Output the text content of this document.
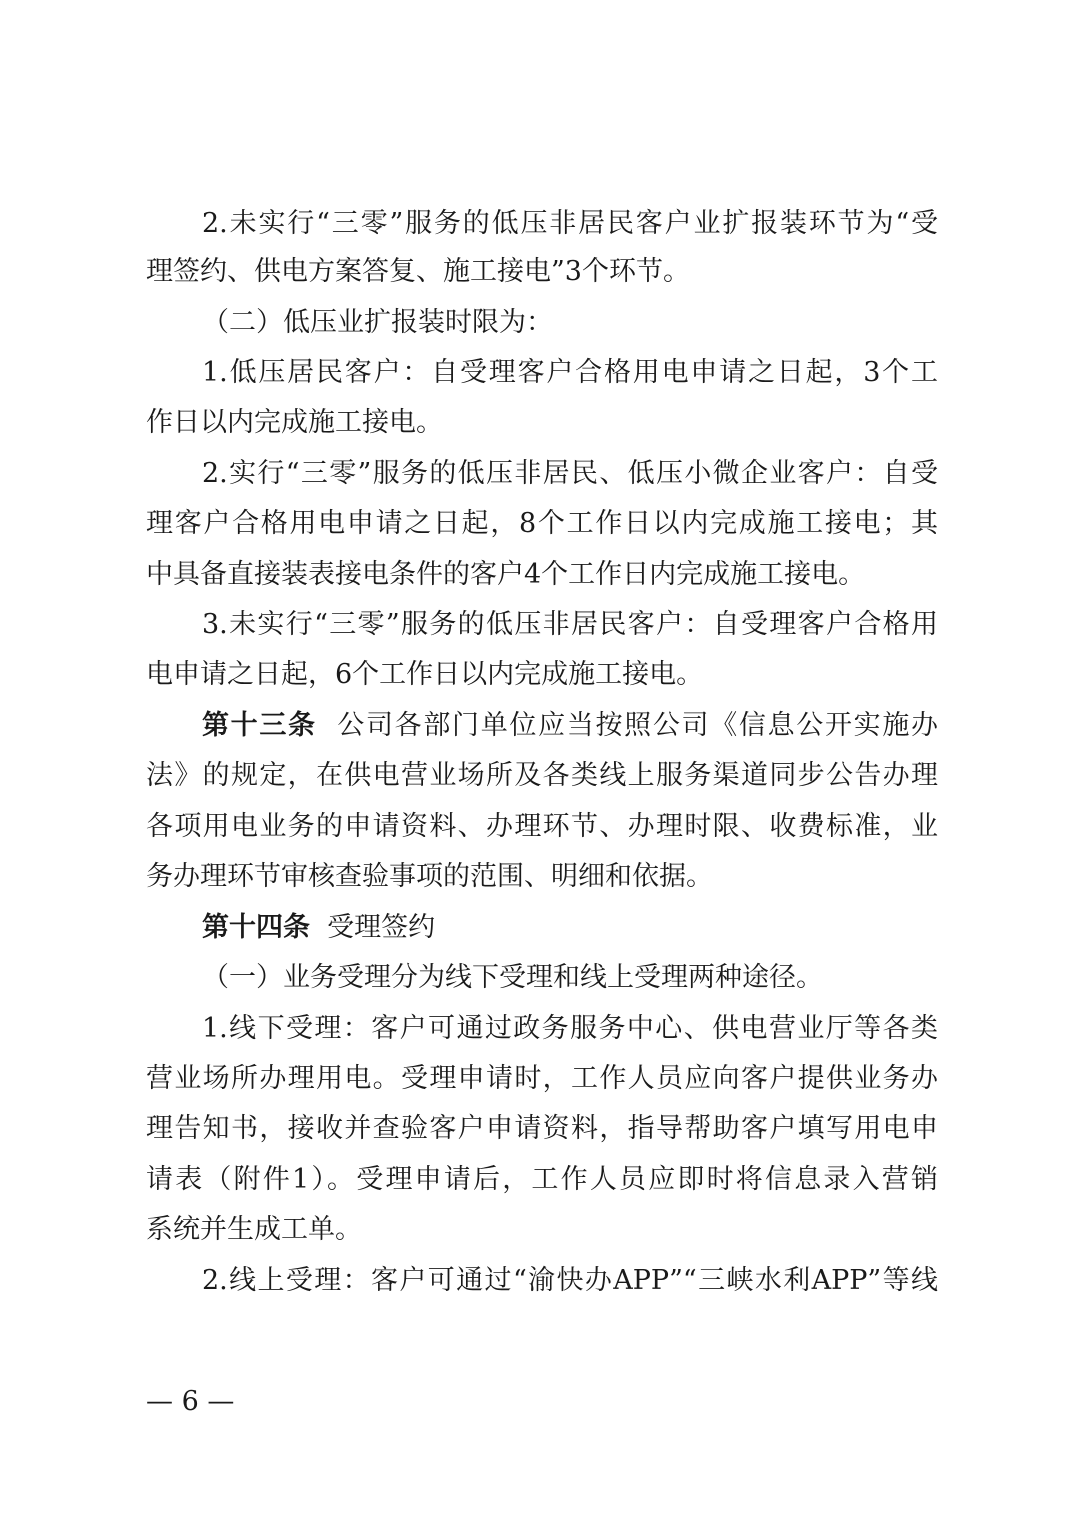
2.未实行“三零”服务的低压非居民客户业扩报装环节为“受
理签约、供电方案答复、施工接电”3个环节。
（二）低压业扩报装时限为：
1.低压居民客户：自受理客户合格用电申请之日起，3个工
作日以内完成施工接电。
2.实行“三零”服务的低压非居民、低压小微企业客户：自受
理客户合格用电申请之日起，8个工作日以内完成施工接电；其
中具备直接装表接电条件的客户4个工作日内完成施工接电。
3.未实行“三零”服务的低压非居民客户：自受理客户合格用
电申请之日起，6个工作日以内完成施工接电。
第十三条 公司各部门单位应当按照公司《信息公开实施办
法》的规定，在供电营业场所及各类线上服务渠道同步公告办理
各项用电业务的申请资料、办理环节、办理时限、收费标准，业
务办理环节审核查验事项的范围、明细和依据。
第十四条 受理签约
（一）业务受理分为线下受理和线上受理两种途径。
1.线下受理：客户可通过政务服务中心、供电营业厅等各类
营业场所办理用电。受理申请时，工作人员应向客户提供业务办
理告知书，接收并查验客户申请资料，指导帮助客户填写用电申
请表（附件1）。受理申请后，工作人员应即时将信息录入营销
系统并生成工单。
2.线上受理：客户可通过“渝快办APP”“三峡水利APP”等线
— 6 —
